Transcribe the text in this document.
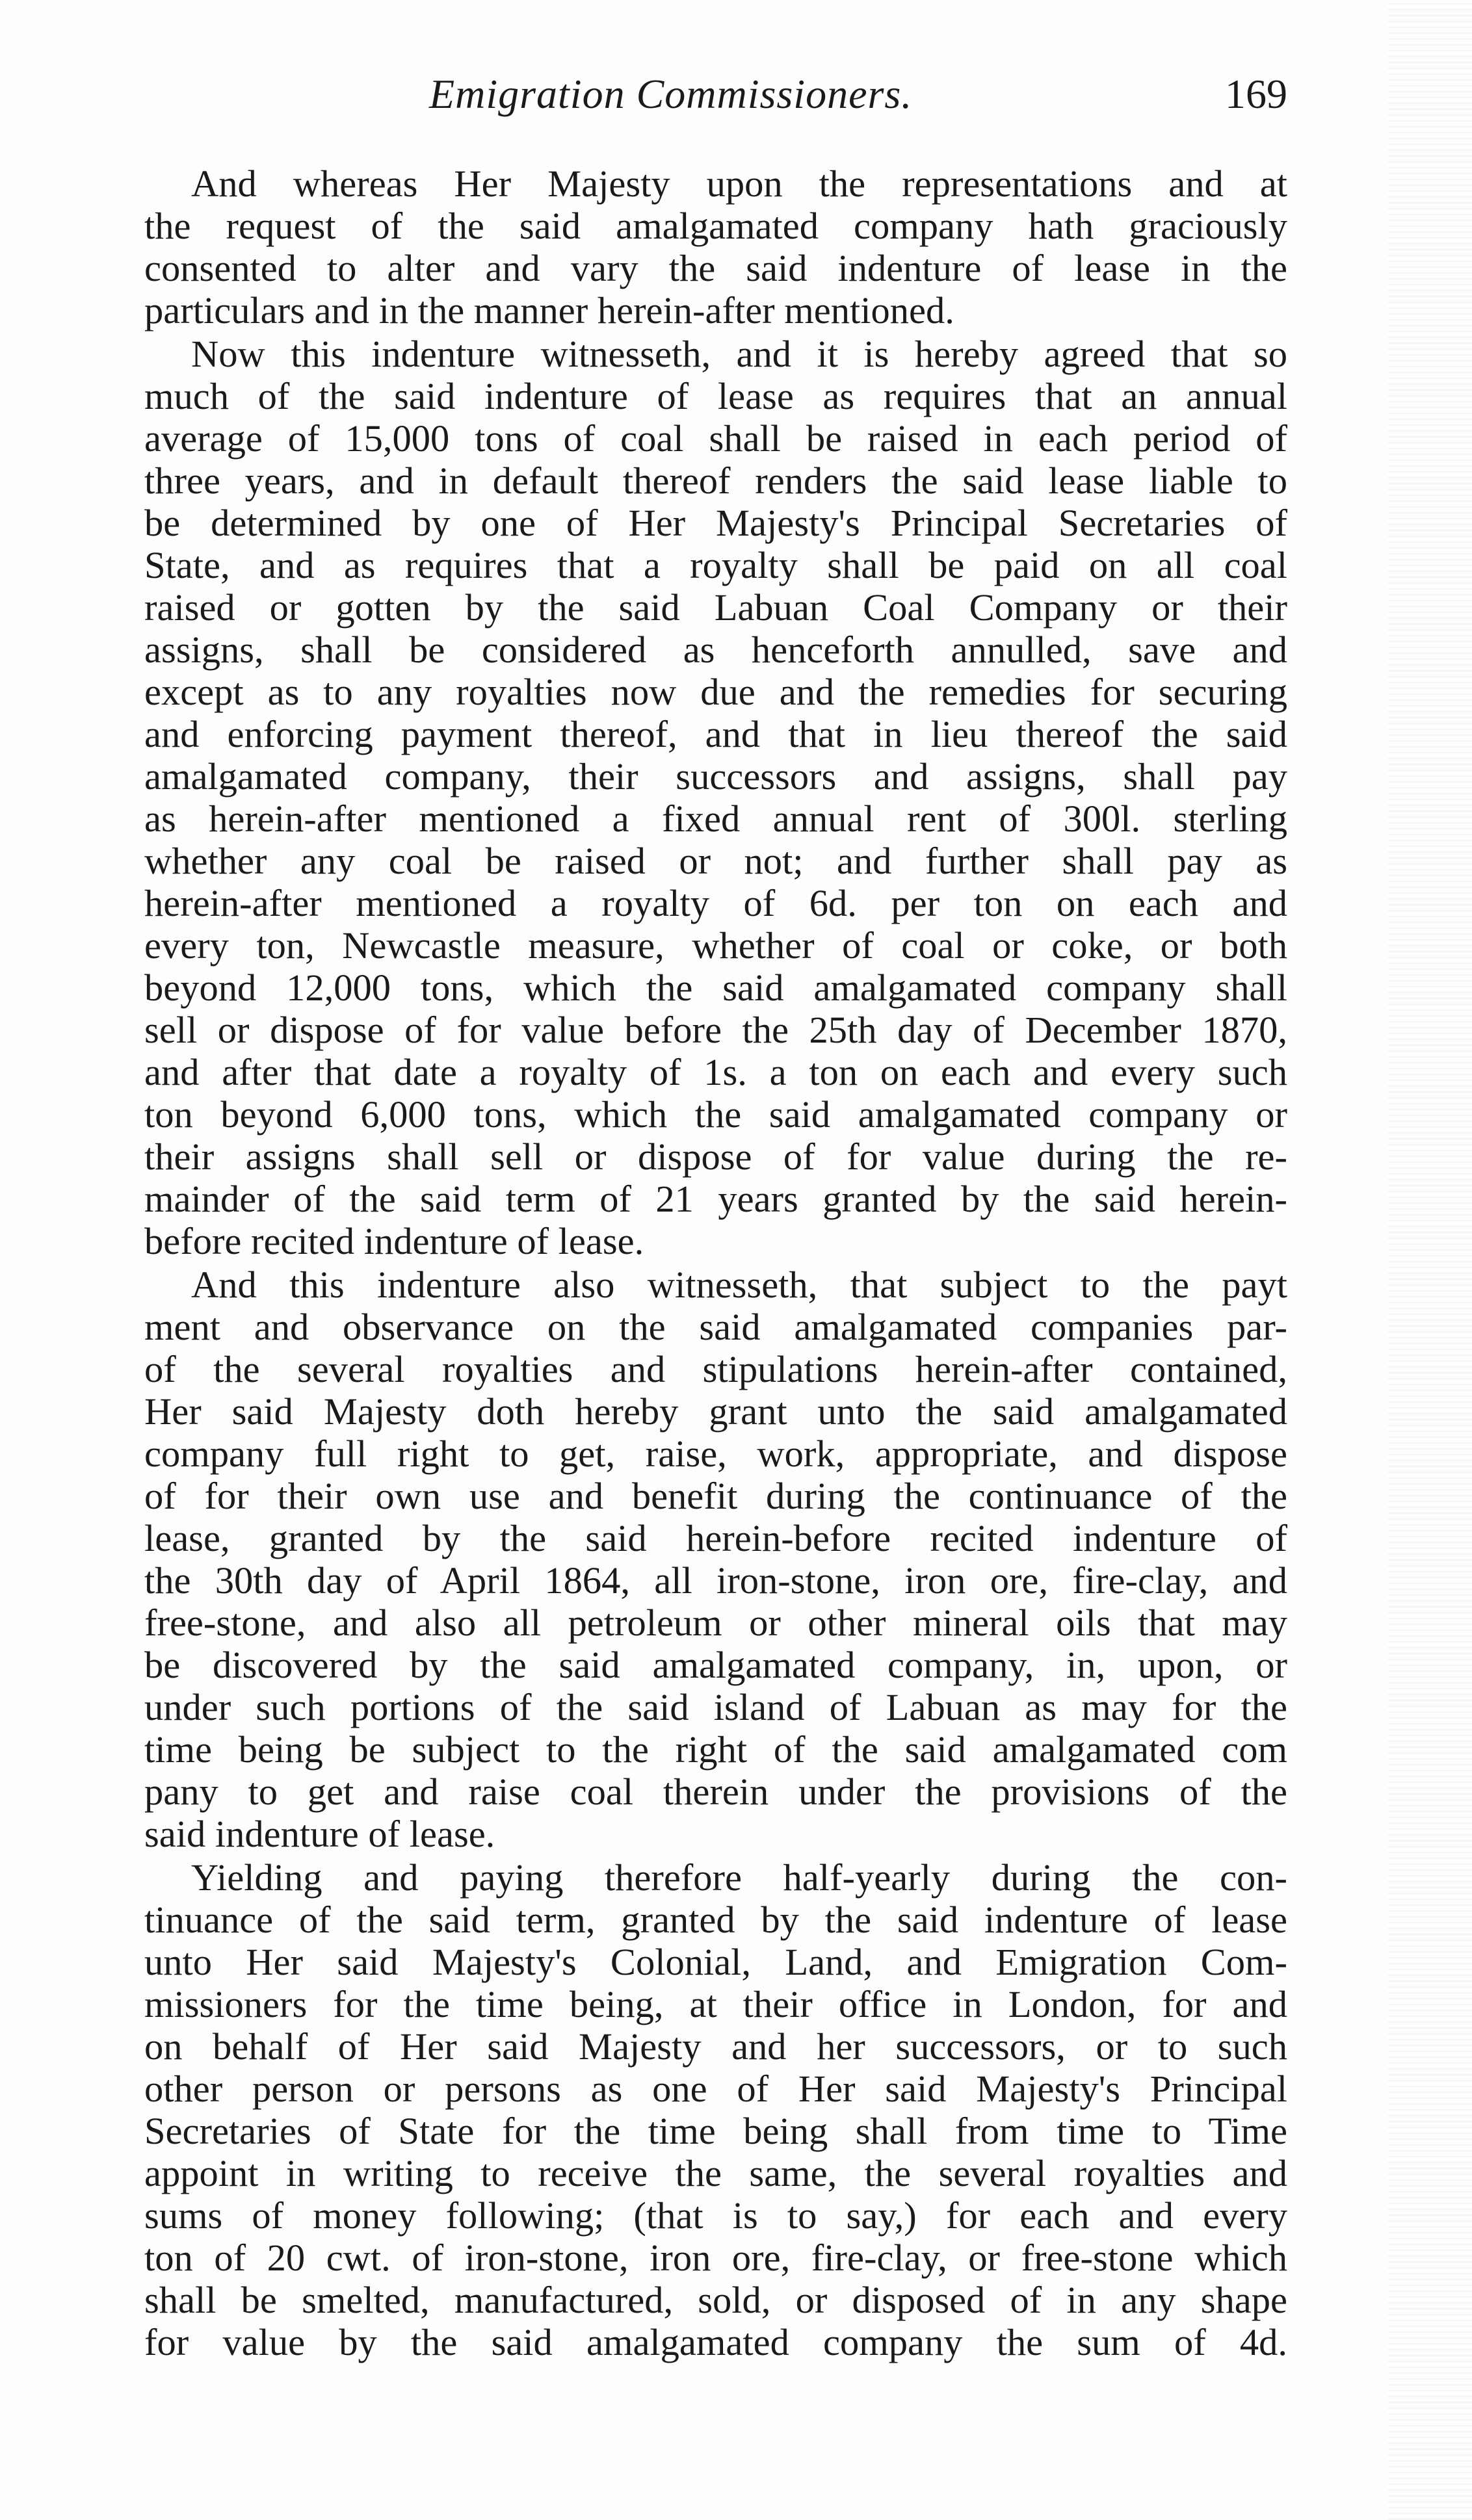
Emigration Commissioners.	169
And whereas Her Majesty upon the representations and at
the request of the said amalgamated company hath graciously
consented to alter and vary the said indenture of lease in the
particulars and in the manner herein-after mentioned.
Now this indenture witnesseth, and it is hereby agreed that so
much of the said indenture of lease as requires that an annual
average of 15,000 tons of coal shall be raised in each period of
three years, and in default thereof renders the said lease liable to
be determined by one of Her Majesty's Principal Secretaries of
State, and as requires that a royalty shall be paid on all coal
raised or gotten by the said Labuan Coal Company or their
assigns, shall be considered as henceforth annulled, save and
except as to any royalties now due and the remedies for securing
and enforcing payment thereof, and that in lieu thereof the said
amalgamated company, their successors and assigns, shall pay
as herein-after mentioned a fixed annual rent of 300l. sterling
whether any coal be raised or not; and further shall pay as
herein-after mentioned a royalty of 6d. per ton on each and
every ton, Newcastle measure, whether of coal or coke, or both
beyond 12,000 tons, which the said amalgamated company shall
sell or dispose of for value before the 25th day of December 1870,
and after that date a royalty of 1s. a ton on each and every such
ton beyond 6,000 tons, which the said amalgamated company or
their assigns shall sell or dispose of for value during the re-
mainder of the said term of 21 years granted by the said herein-
before recited indenture of lease.
And this indenture also witnesseth, that subject to the payt
ment and observance on the said amalgamated companies par-
of the several royalties and stipulations herein-after contained,
Her said Majesty doth hereby grant unto the said amalgamated
company full right to get, raise, work, appropriate, and dispose
of for their own use and benefit during the continuance of the
lease, granted by the said herein-before recited indenture of
the 30th day of April 1864, all iron-stone, iron ore, fire-clay, and
free-stone, and also all petroleum or other mineral oils that may
be discovered by the said amalgamated company, in, upon, or
under such portions of the said island of Labuan as may for the
time being be subject to the right of the said amalgamated com
pany to get and raise coal therein under the provisions of the
said indenture of lease.
Yielding and paying therefore half-yearly during the con-
tinuance of the said term, granted by the said indenture of lease
unto Her said Majesty's Colonial, Land, and Emigration Com-
missioners for the time being, at their office in London, for and
on behalf of Her said Majesty and her successors, or to such
other person or persons as one of Her said Majesty's Principal
Secretaries of State for the time being shall from time to Time
appoint in writing to receive the same, the several royalties and
sums of money following; (that is to say,) for each and every
ton of 20 cwt. of iron-stone, iron ore, fire-clay, or free-stone which
shall be smelted, manufactured, sold, or disposed of in any shape
for value by the said amalgamated company the sum of 4d.
